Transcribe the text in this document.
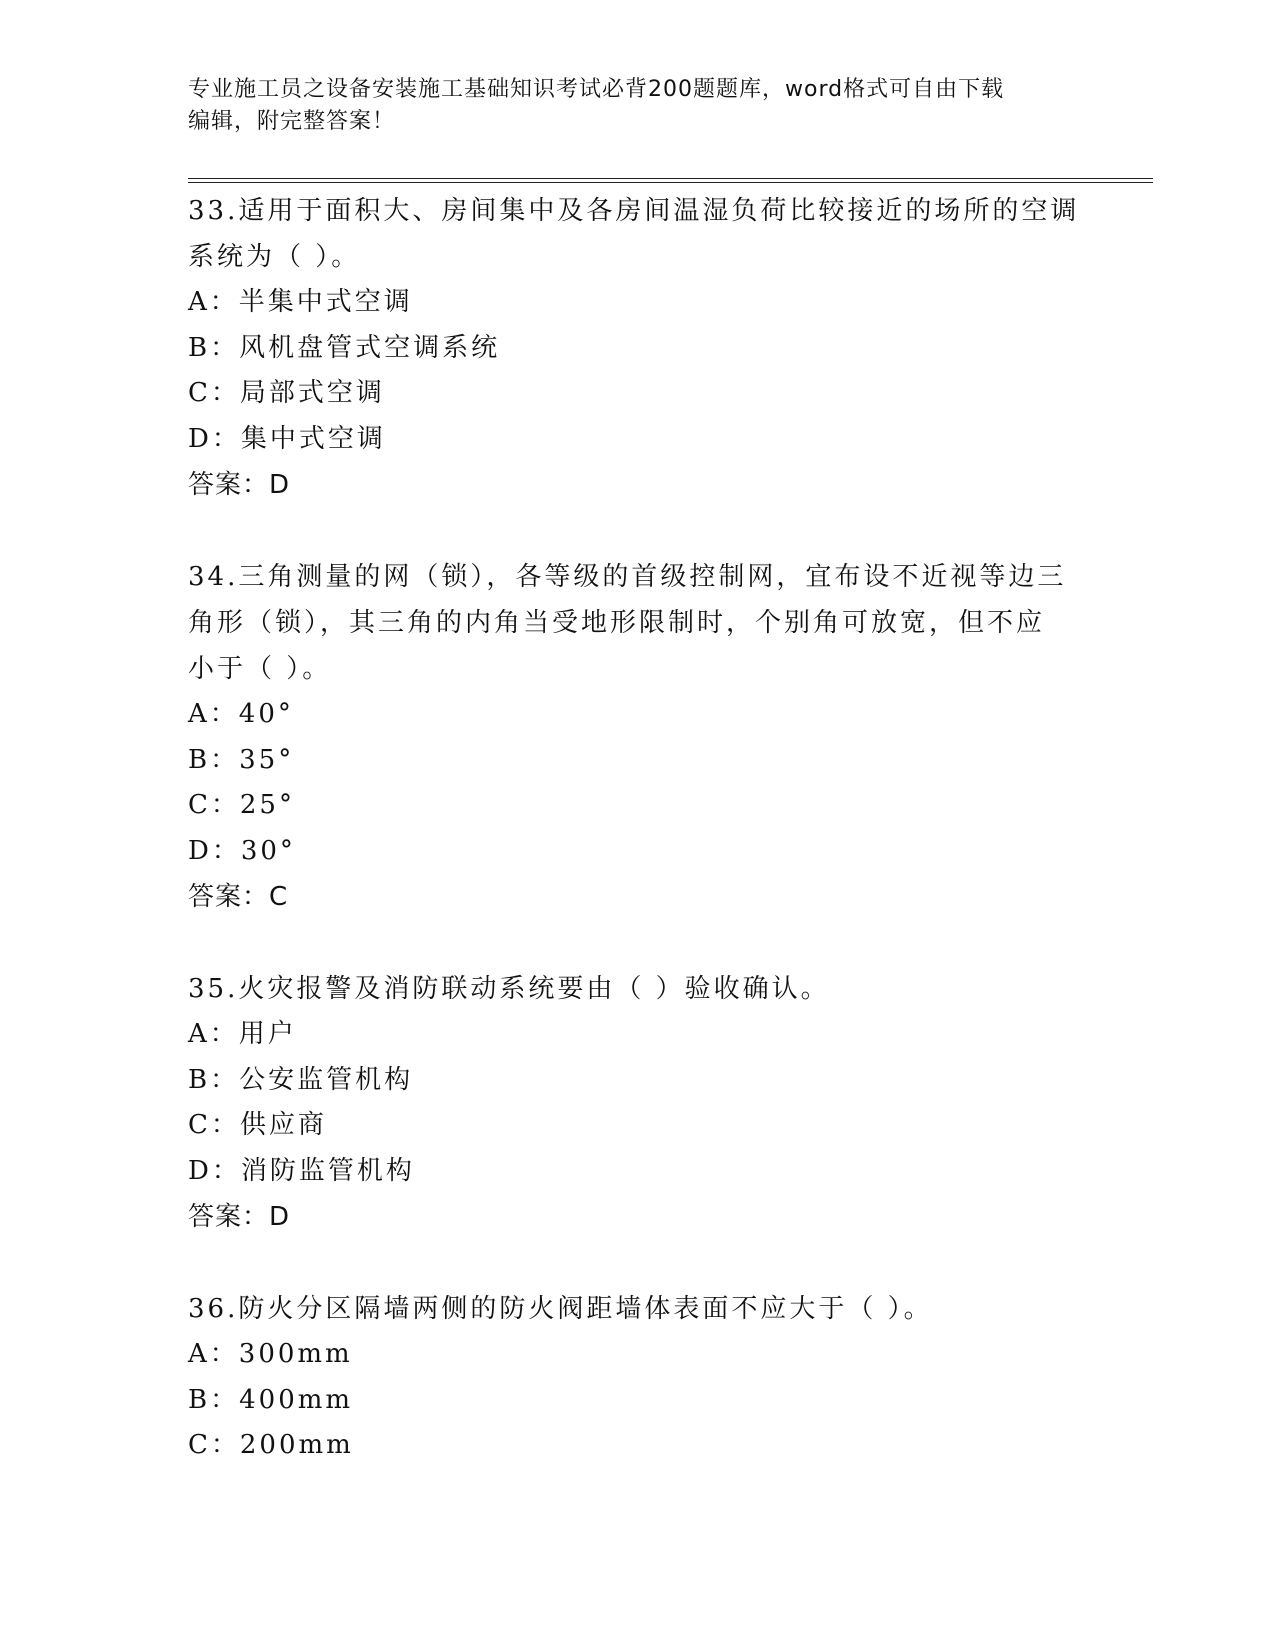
专业施工员之设备安装施工基础知识考试必背200题题库，word格式可自由下载
编辑，附完整答案！
33.适用于面积大、房间集中及各房间温湿负荷比较接近的场所的空调
系统为（ ）。
A：半集中式空调
B：风机盘管式空调系统
C：局部式空调
D：集中式空调
答案：D
34.三角测量的网（锁），各等级的首级控制网，宜布设不近视等边三
角形（锁），其三角的内角当受地形限制时，个别角可放宽，但不应
小于（ ）。
A：40°
B：35°
C：25°
D：30°
答案：C
35.火灾报警及消防联动系统要由（ ）验收确认。
A：用户
B：公安监管机构
C：供应商
D：消防监管机构
答案：D
36.防火分区隔墙两侧的防火阀距墙体表面不应大于（ ）。
A：300mm
B：400mm
C：200mm
